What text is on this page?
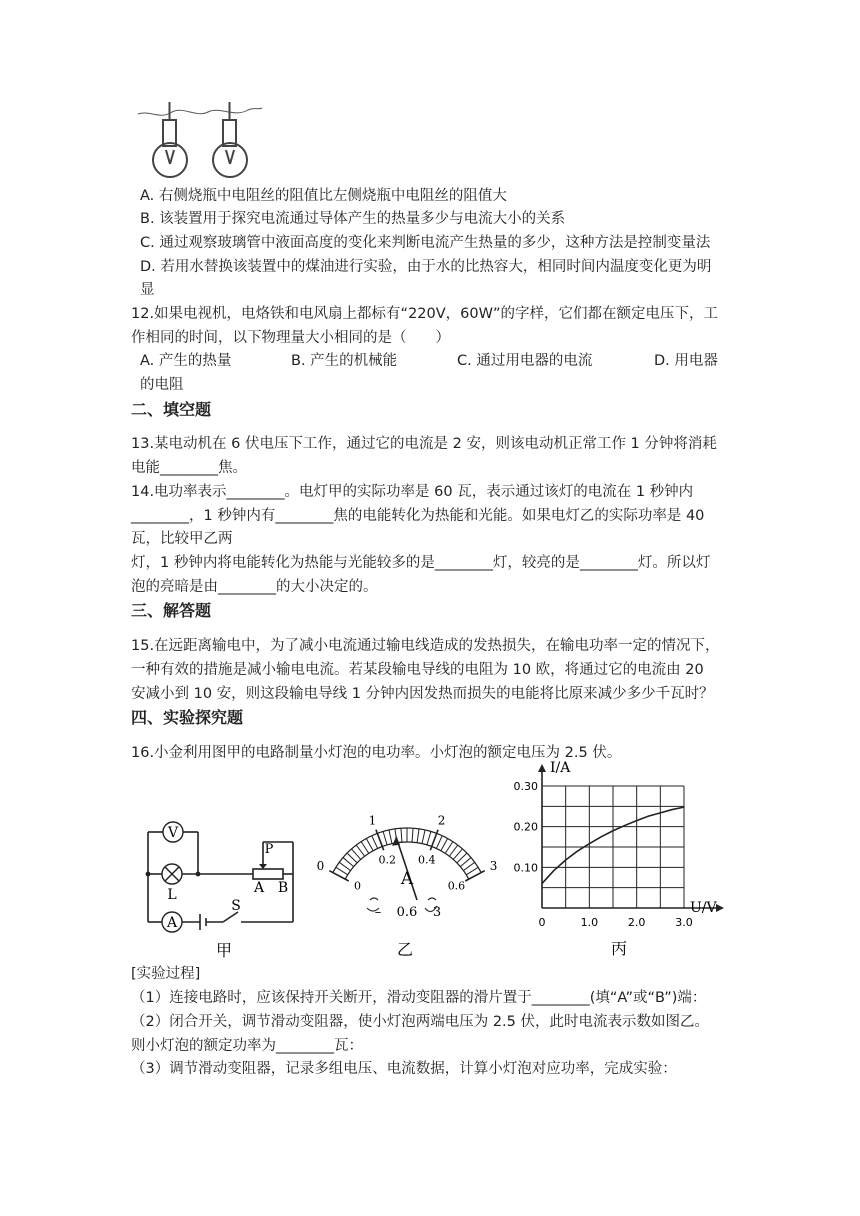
A. 右侧烧瓶中电阻丝的阻值比左侧烧瓶中电阻丝的阻值大
B. 该装置用于探究电流通过导体产生的热量多少与电流大小的关系
C. 通过观察玻璃管中液面高度的变化来判断电流产生热量的多少，这种方法是控制变量法
D. 若用水替换该装置中的煤油进行实验，由于水的比热容大，相同时间内温度变化更为明
显
12.如果电视机，电烙铁和电风扇上都标有“220V，60W”的字样，它们都在额定电压下，工
作相同的时间，以下物理量大小相同的是（　　）
A. 产生的热量	B. 产生的机械能	C. 通过用电器的电流	D. 用电器
的电阻
二、填空题
13.某电动机在 6 伏电压下工作，通过它的电流是 2 安，则该电动机正常工作 1 分钟将消耗
电能________焦。
14.电功率表示________。电灯甲的实际功率是 60 瓦，表示通过该灯的电流在 1 秒钟内
________，1 秒钟内有________焦的电能转化为热能和光能。如果电灯乙的实际功率是 40
瓦，比较甲乙两
灯，1 秒钟内将电能转化为热能与光能较多的是________灯，较亮的是________灯。所以灯
泡的亮暗是由________的大小决定的。
三、解答题
15.在远距离输电中，为了减小电流通过输电线造成的发热损失，在输电功率一定的情况下，
一种有效的措施是减小输电电流。若某段输电导线的电阻为 10 欧，将通过它的电流由 20
安减小到 10 安，则这段输电导线 1 分钟内因发热而损失的电能将比原来减少多少千瓦时？
四、实验探究题
16.小金利用图甲的电路制量小灯泡的电功率。小灯泡的额定电压为 2.5 伏。
V
A
L
P
A B
S
甲
0
1	2
3
0
0.2 0.4
0.6
A
– 0.6 3
乙
0	1.0	2.0	3.0
0.10
0.20
0.30
I/A
U/V
丙
[实验过程]
（1）连接电路时，应该保持开关断开，滑动变阻器的滑片置于________(填“A”或“B”)端：
（2）闭合开关，调节滑动变阻器，使小灯泡两端电压为 2.5 伏，此时电流表示数如图乙。
则小灯泡的额定功率为________瓦：
（3）调节滑动变阻器，记录多组电压、电流数据，计算小灯泡对应功率，完成实验：
